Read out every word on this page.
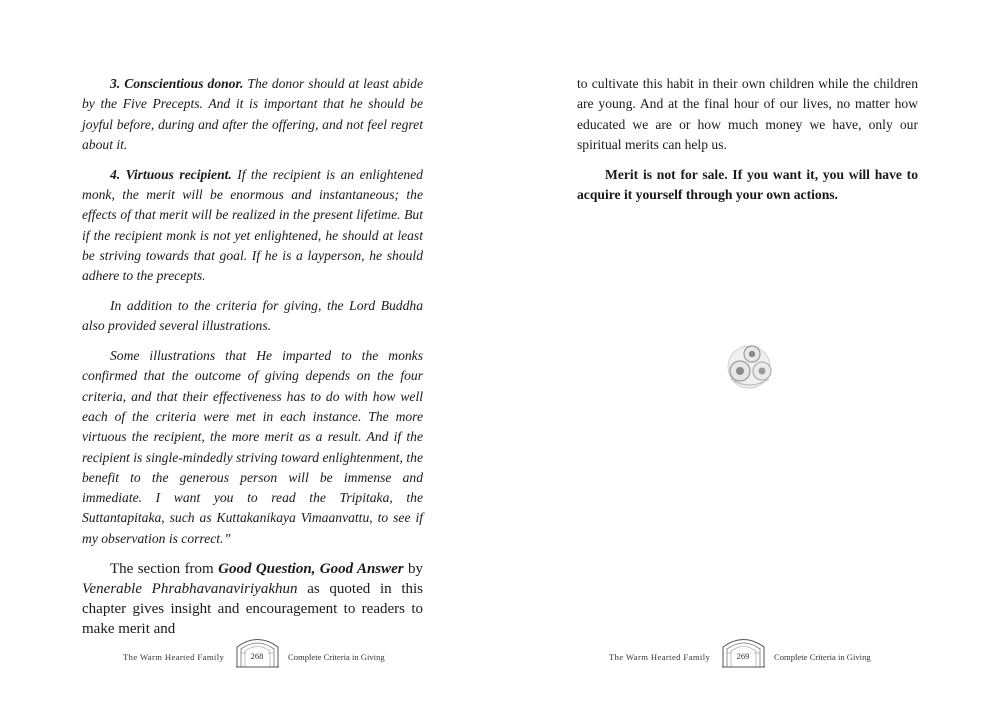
3. Conscientious donor. The donor should at least abide by the Five Precepts. And it is important that he should be joyful before, during and after the offering, and not feel regret about it.

4. Virtuous recipient. If the recipient is an enlightened monk, the merit will be enormous and instantaneous; the effects of that merit will be realized in the present lifetime. But if the recipient monk is not yet enlightened, he should at least be striving towards that goal. If he is a layperson, he should adhere to the precepts.

In addition to the criteria for giving, the Lord Buddha also provided several illustrations.

Some illustrations that He imparted to the monks confirmed that the outcome of giving depends on the four criteria, and that their effectiveness has to do with how well each of the criteria were met in each instance. The more virtuous the recipient, the more merit as a result. And if the recipient is single-mindedly striving toward enlightenment, the benefit to the generous person will be immense and immediate. I want you to read the Tripitaka, the Suttantapitaka, such as Kuttakanikaya Vimaanvattu, to see if my observation is correct.”

The section from Good Question, Good Answer by Venerable Phrabhavanaviriyakhun as quoted in this chapter gives insight and encouragement to readers to make merit and

The Warm Hearted Family	268	Complete Criteria in Giving

to cultivate this habit in their own children while the children are young. And at the final hour of our lives, no matter how educated we are or how much money we have, only our spiritual merits can help us.

Merit is not for sale. If you want it, you will have to acquire it yourself through your own actions.

The Warm Hearted Family	269	Complete Criteria in Giving
